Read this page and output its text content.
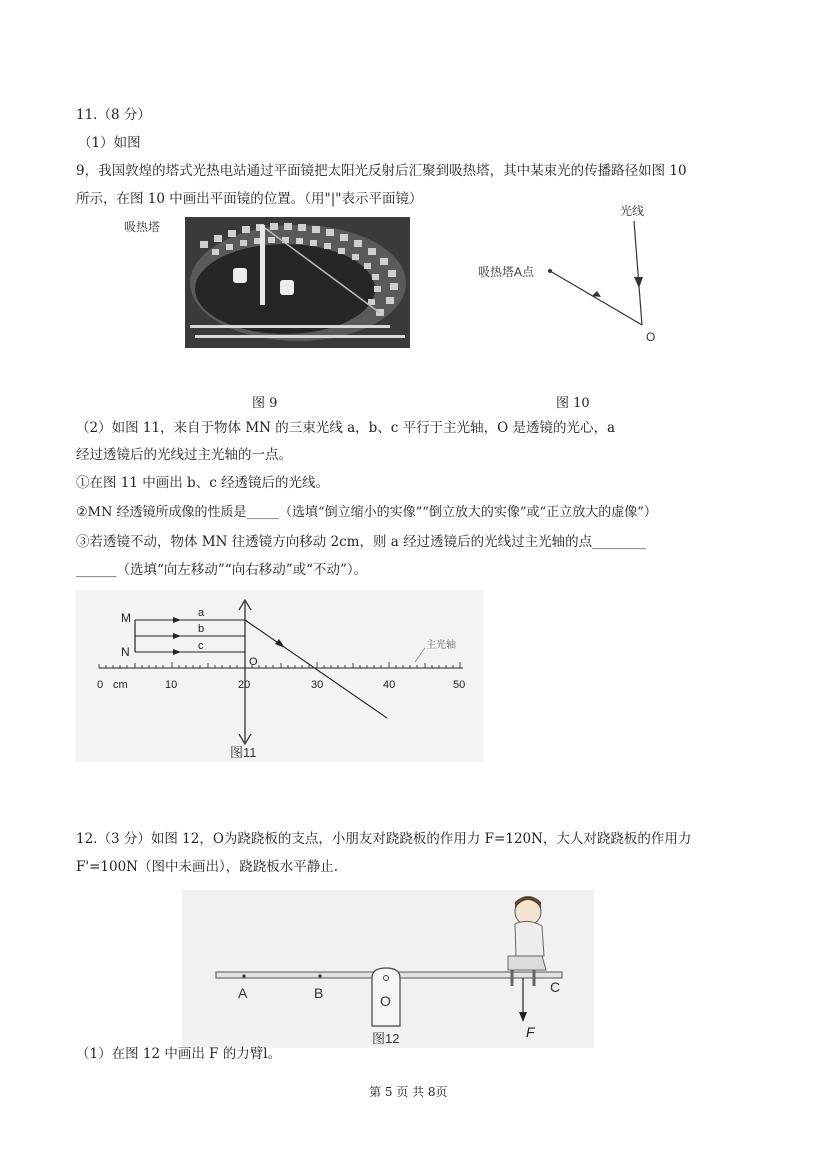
11.（8 分）
（1）如图
9，我国敦煌的塔式光热电站通过平面镜把太阳光反射后汇聚到吸热塔，其中某束光的传播路径如图 10
所示，在图 10 中画出平面镜的位置。（用"|"表示平面镜）
吸热塔
光线
吸热塔A点
O
图 9	图 10
（2）如图 11，来自于物体 MN 的三束光线 a，b、c 平行于主光轴，O 是透镜的光心，a
经过透镜后的光线过主光轴的一点。
①在图 11 中画出 b、c 经透镜后的光线。
②MN 经透镜所成像的性质是_____（选填“倒立缩小的实像”“倒立放大的实像”或“正立放大的虚像”）
③若透镜不动，物体 MN 往透镜方向移动 2cm，则 a 经过透镜后的光线过主光轴的点________
______（选填“向左移动”“向右移动”或“不动”）。
M
N
a
b
c
O
主光轴
0 cm	10	20	30	40	50
图11
12.（3 分）如图 12，O为跷跷板的支点，小朋友对跷跷板的作用力 F=120N，大人对跷跷板的作用力
F'=100N（图中未画出），跷跷板水平静止.
A	B	O
C
F
图12
（1）在图 12 中画出 F 的力臂l。
第 5 页 共 8页
